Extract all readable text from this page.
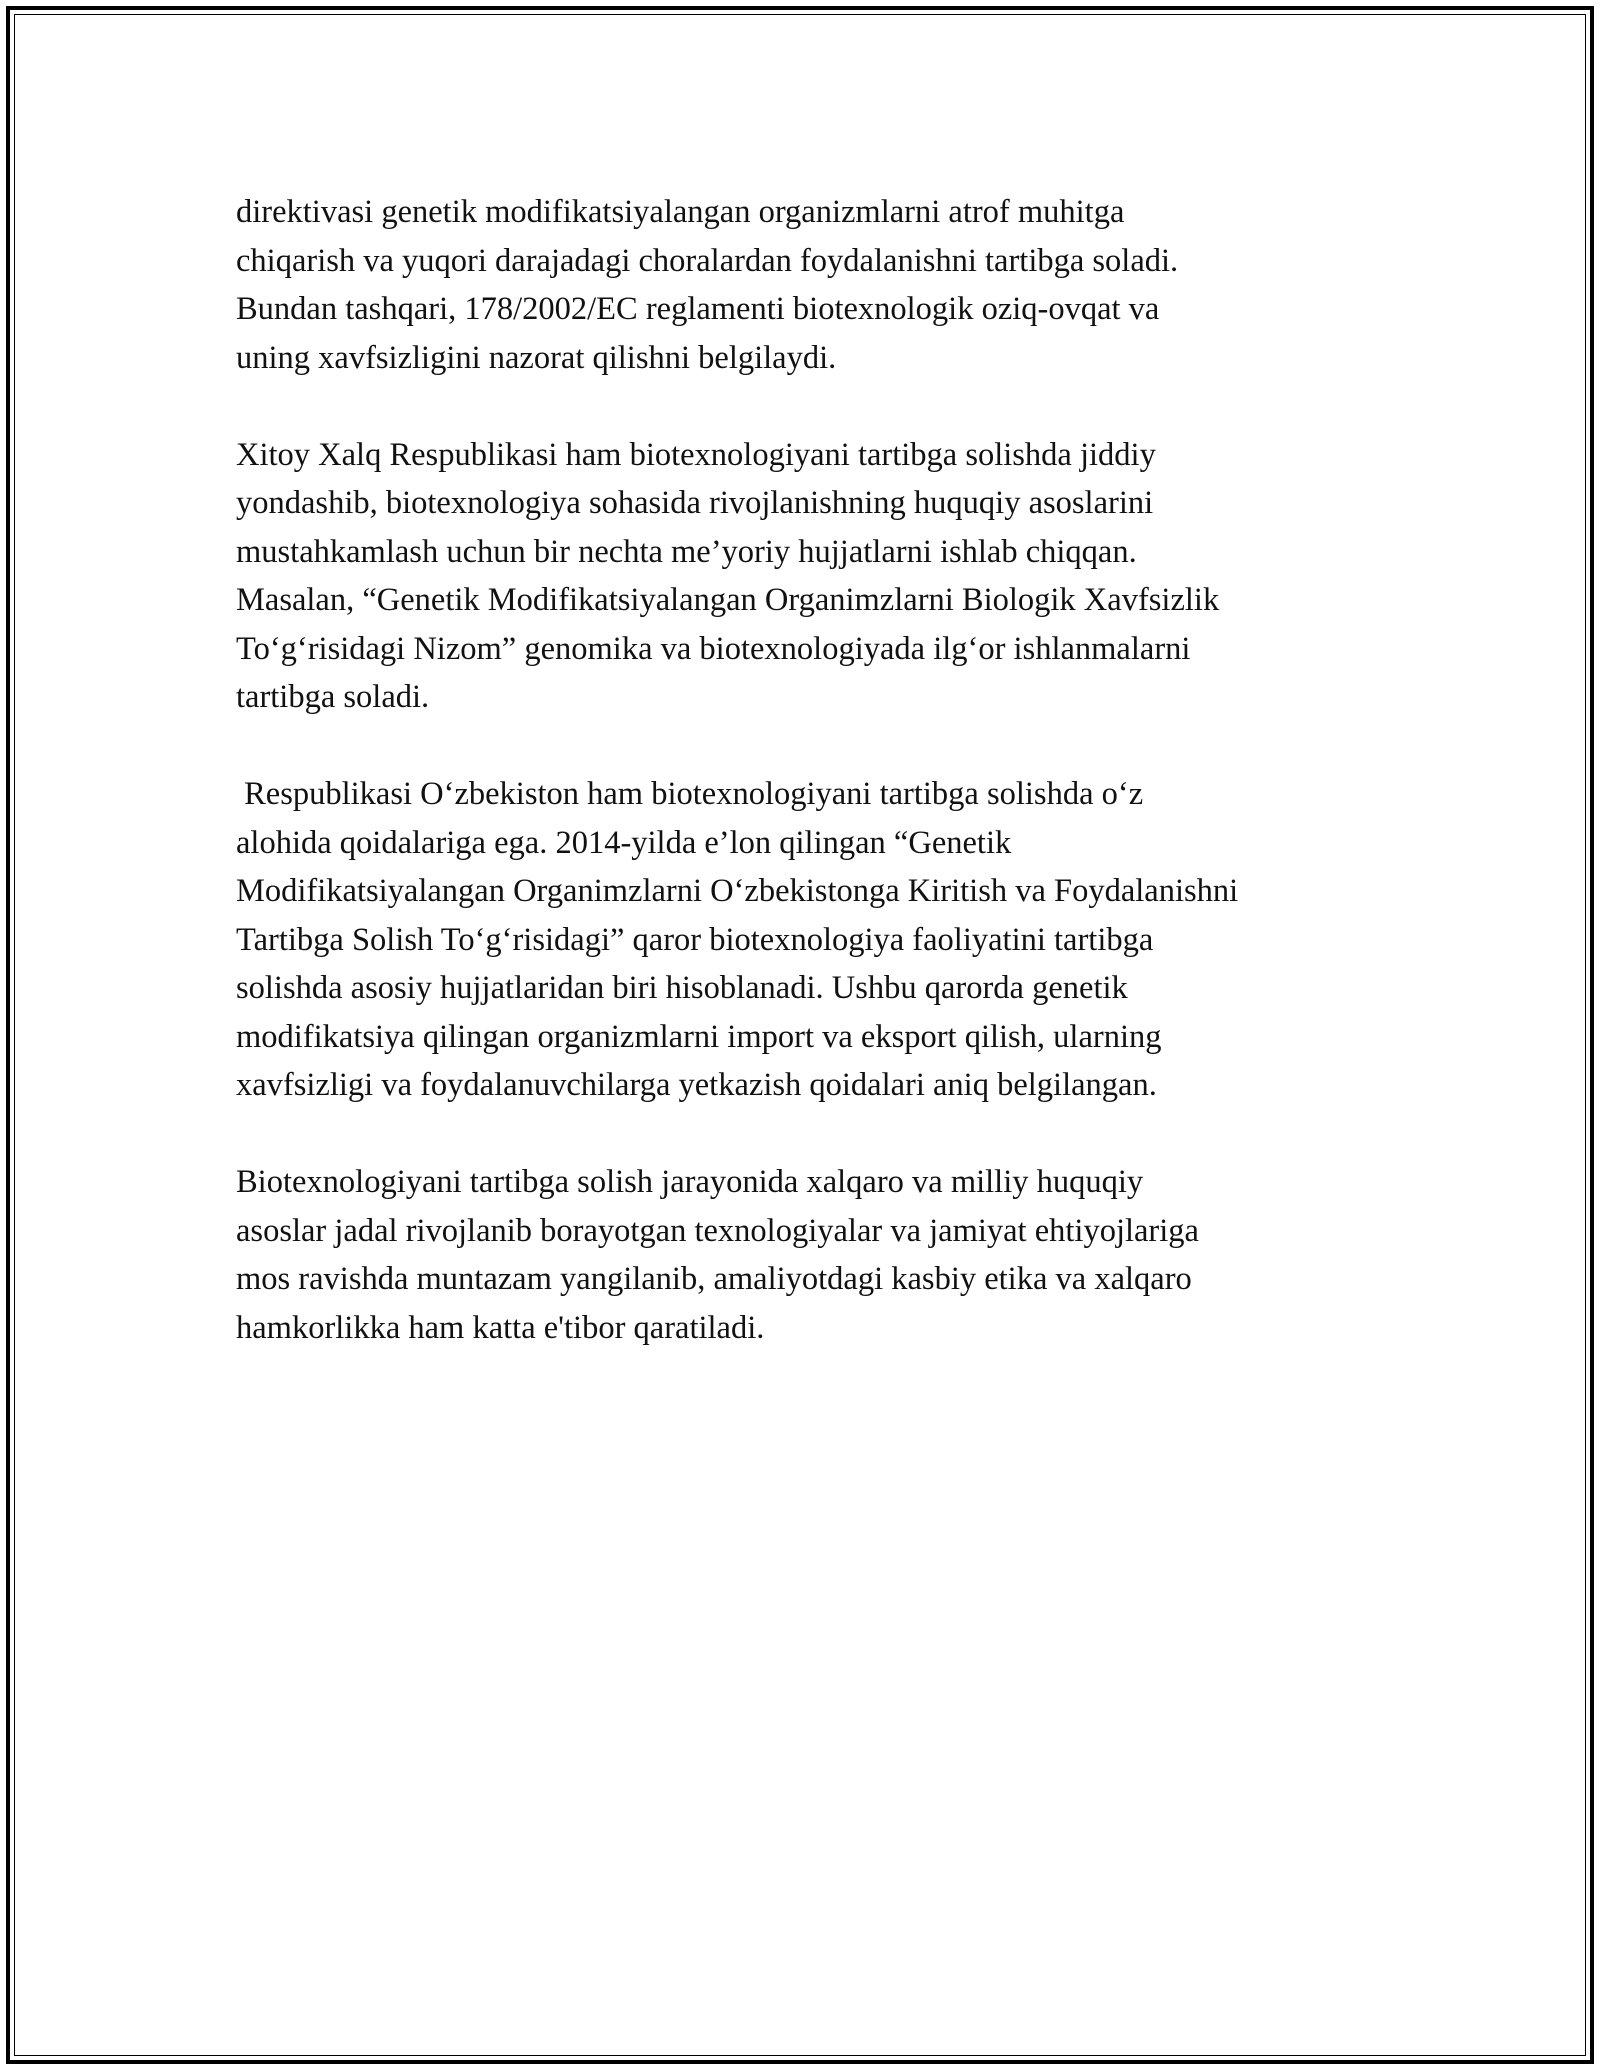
direktivasi genetik modifikatsiyalangan organizmlarni atrof muhitga
chiqarish va yuqori darajadagi choralardan foydalanishni tartibga soladi.
Bundan tashqari, 178/2002/EC reglamenti biotexnologik oziq-ovqat va
uning xavfsizligini nazorat qilishni belgilaydi.

Xitoy Xalq Respublikasi ham biotexnologiyani tartibga solishda jiddiy
yondashib, biotexnologiya sohasida rivojlanishning huquqiy asoslarini
mustahkamlash uchun bir nechta me’yoriy hujjatlarni ishlab chiqqan.
Masalan, “Genetik Modifikatsiyalangan Organimzlarni Biologik Xavfsizlik
To‘g‘risidagi Nizom” genomika va biotexnologiyada ilg‘or ishlanmalarni
tartibga soladi.

Respublikasi O‘zbekiston ham biotexnologiyani tartibga solishda o‘z
alohida qoidalariga ega. 2014-yilda e’lon qilingan “Genetik
Modifikatsiyalangan Organimzlarni O‘zbekistonga Kiritish va Foydalanishni
Tartibga Solish To‘g‘risidagi” qaror biotexnologiya faoliyatini tartibga
solishda asosiy hujjatlaridan biri hisoblanadi. Ushbu qarorda genetik
modifikatsiya qilingan organizmlarni import va eksport qilish, ularning
xavfsizligi va foydalanuvchilarga yetkazish qoidalari aniq belgilangan.

Biotexnologiyani tartibga solish jarayonida xalqaro va milliy huquqiy
asoslar jadal rivojlanib borayotgan texnologiyalar va jamiyat ehtiyojlariga
mos ravishda muntazam yangilanib, amaliyotdagi kasbiy etika va xalqaro
hamkorlikka ham katta e'tibor qaratiladi.
